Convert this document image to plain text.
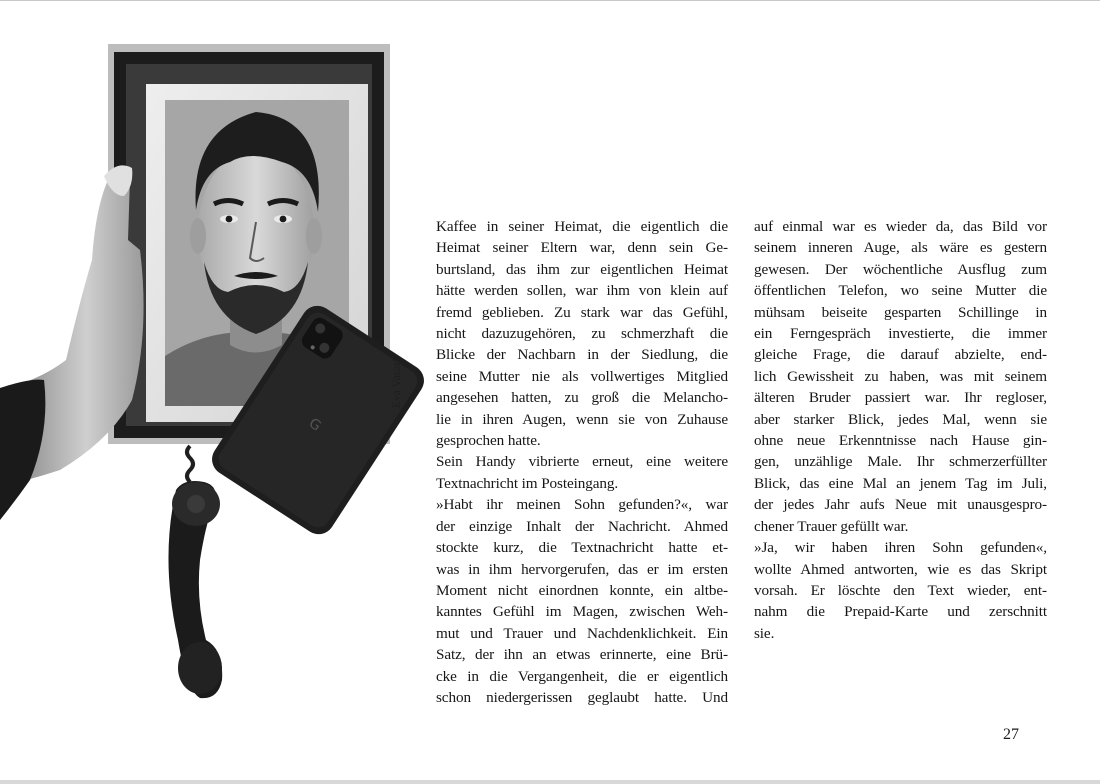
G
Eva Vasari
Kaffee in seiner Heimat, die eigentlich die
Heimat seiner Eltern war, denn sein Ge-
burtsland, das ihm zur eigentlichen Heimat
hätte werden sollen, war ihm von klein auf
fremd geblieben. Zu stark war das Gefühl,
nicht dazuzugehören, zu schmerzhaft die
Blicke der Nachbarn in der Siedlung, die
seine Mutter nie als vollwertiges Mitglied
angesehen hatten, zu groß die Melancho-
lie in ihren Augen, wenn sie von Zuhause
gesprochen hatte.
Sein Handy vibrierte erneut, eine weitere
Textnachricht im Posteingang.
»Habt ihr meinen Sohn gefunden?«, war
der einzige Inhalt der Nachricht. Ahmed
stockte kurz, die Textnachricht hatte et-
was in ihm hervorgerufen, das er im ersten
Moment nicht einordnen konnte, ein altbe-
kanntes Gefühl im Magen, zwischen Weh-
mut und Trauer und Nachdenklichkeit. Ein
Satz, der ihn an etwas erinnerte, eine Brü-
cke in die Vergangenheit, die er eigentlich
schon niedergerissen geglaubt hatte. Und
auf einmal war es wieder da, das Bild vor
seinem inneren Auge, als wäre es gestern
gewesen. Der wöchentliche Ausflug zum
öffentlichen Telefon, wo seine Mutter die
mühsam beiseite gesparten Schillinge in
ein Ferngespräch investierte, die immer
gleiche Frage, die darauf abzielte, end-
lich Gewissheit zu haben, was mit seinem
älteren Bruder passiert war. Ihr regloser,
aber starker Blick, jedes Mal, wenn sie
ohne neue Erkenntnisse nach Hause gin-
gen, unzählige Male. Ihr schmerzerfüllter
Blick, das eine Mal an jenem Tag im Juli,
der jedes Jahr aufs Neue mit unausgespro-
chener Trauer gefüllt war.
»Ja, wir haben ihren Sohn gefunden«,
wollte Ahmed antworten, wie es das Skript
vorsah. Er löschte den Text wieder, ent-
nahm die Prepaid-Karte und zerschnitt
sie.
27
